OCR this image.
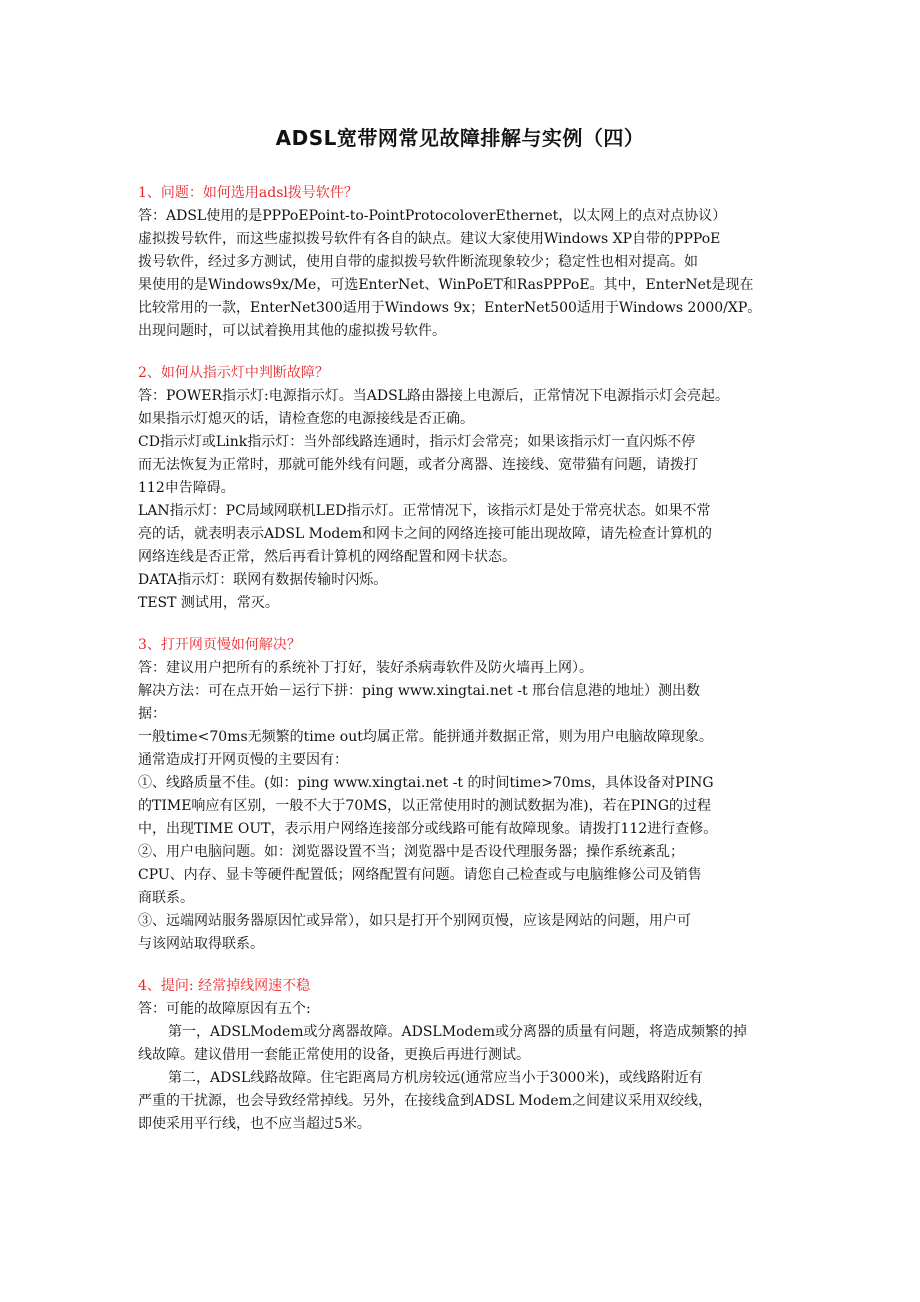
ADSL宽带网常见故障排解与实例（四）
1、问题：如何选用adsl拨号软件？
答：ADSL使用的是PPPoEPoint-to-PointProtocoloverEthernet，以太网上的点对点协议）
虚拟拨号软件，而这些虚拟拨号软件有各自的缺点。建议大家使用Windows XP自带的PPPoE
拨号软件，经过多方测试，使用自带的虚拟拨号软件断流现象较少；稳定性也相对提高。如
果使用的是Windows9x/Me，可选EnterNet、WinPoET和RasPPPoE。其中，EnterNet是现在
比较常用的一款，EnterNet300适用于Windows 9x；EnterNet500适用于Windows 2000/XP。
出现问题时，可以试着换用其他的虚拟拨号软件。
2、如何从指示灯中判断故障？
答：POWER指示灯:电源指示灯。当ADSL路由器接上电源后，正常情况下电源指示灯会亮起。
如果指示灯熄灭的话，请检查您的电源接线是否正确。
CD指示灯或Link指示灯：当外部线路连通时，指示灯会常亮；如果该指示灯一直闪烁不停
而无法恢复为正常时，那就可能外线有问题，或者分离器、连接线、宽带猫有问题，请拨打
112申告障碍。
LAN指示灯：PC局域网联机LED指示灯。正常情况下，该指示灯是处于常亮状态。如果不常
亮的话，就表明表示ADSL Modem和网卡之间的网络连接可能出现故障，请先检查计算机的
网络连线是否正常，然后再看计算机的网络配置和网卡状态。
DATA指示灯：联网有数据传输时闪烁。
TEST 测试用，常灭。
3、打开网页慢如何解决？
答：建议用户把所有的系统补丁打好，装好杀病毒软件及防火墙再上网）。
解决方法：可在点开始－运行下拼：ping www.xingtai.net -t 邢台信息港的地址）测出数
据：
一般time<70ms无频繁的time out均属正常。能拼通并数据正常，则为用户电脑故障现象。
通常造成打开网页慢的主要因有：
①、线路质量不佳。(如：ping www.xingtai.net -t 的时间time>70ms，具体设备对PING
的TIME响应有区别，一般不大于70MS，以正常使用时的测试数据为准)，若在PING的过程
中，出现TIME OUT，表示用户网络连接部分或线路可能有故障现象。请拨打112进行查修。
②、用户电脑问题。如：浏览器设置不当；浏览器中是否设代理服务器；操作系统紊乱；
CPU、内存、显卡等硬件配置低；网络配置有问题。请您自己检查或与电脑维修公司及销售
商联系。
③、远端网站服务器原因忙或异常），如只是打开个别网页慢，应该是网站的问题，用户可
与该网站取得联系。
4、提问: 经常掉线网速不稳
答：可能的故障原因有五个:
第一，ADSLModem或分离器故障。ADSLModem或分离器的质量有问题，将造成频繁的掉
线故障。建议借用一套能正常使用的设备，更换后再进行测试。
第二，ADSL线路故障。住宅距离局方机房较远(通常应当小于3000米)，或线路附近有
严重的干扰源，也会导致经常掉线。另外，在接线盒到ADSL Modem之间建议采用双绞线，
即使采用平行线，也不应当超过5米。
